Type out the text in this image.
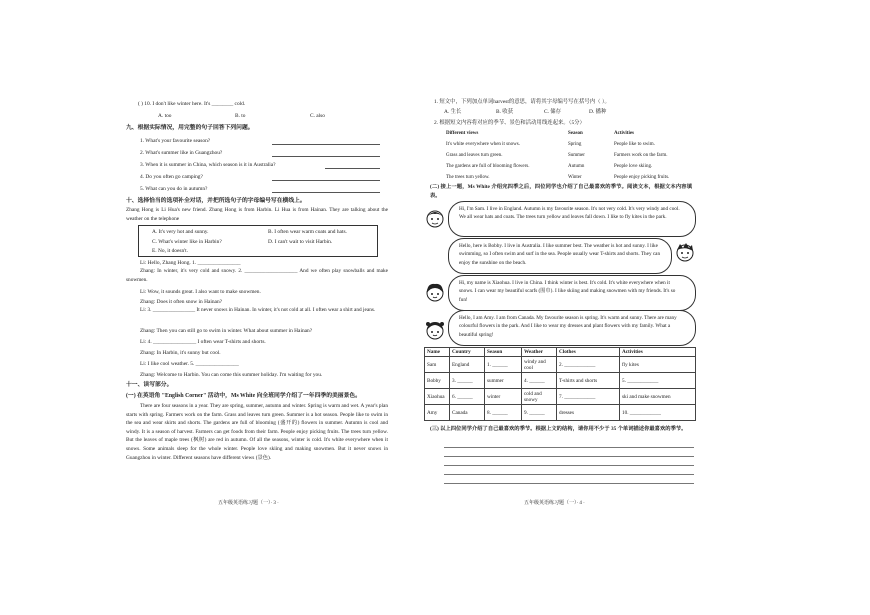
( ) 10. I don't like winter here. It's ________ cold.
A. too	B. to	C. also
九、根据实际情况，用完整的句子回答下列问题。
1. What's your favourite season?
2. What's summer like in Guangzhou?
3. When it is summer in China, which season is it in Australia?
4. Do you often go camping?
5. What can you do in autumn?
十、选择恰当的选项补全对话，并把所选句子的字母编号写在横线上。
Zhang Hong is Li Hua's new friend. Zhang Hong is from Harbin. Li Hua is from Hainan. They are talking about the weather on the telephone
A. It's very hot and sunny.	B. I often wear warm coats and hats.
C. What's winter like in Harbin?	D. I can't wait to visit Harbin.
E. No, it doesn't.
Li: Hello, Zhang Hong. 1. ________________
Zhang: In winter, it's very cold and snowy. 2. ____________________ And we often play snowballs and make snowmen.
Li: Wow, it sounds great. I also want to make snowmen.
Zhang: Does it often snow in Hainan?
Li: 3. ________________ It never snows in Hainan. In winter, it's not cold at all. I often wear a shirt and jeans.
Zhang: Then you can still go to swim in winter. What about summer in Hainan?
Li: 4. ________________ I often wear T-shirts and shorts.
Zhang: In Harbin, it's sunny but cool.
Li: I like cool weather. 5. ________________
Zhang: Welcome to Harbin. You can come this summer holiday. I'm waiting for you.
十一、读写部分。
(一) 在英语角 "English Corner" 活动中，Ms White 向全班同学介绍了一年四季的美丽景色。
There are four seasons in a year. They are spring, summer, autumn and winter. Spring is warm and wet. A year's plan starts with spring. Farmers work on the farm. Grass and leaves turn green. Summer is a hot season. People like to swim in the sea and wear skirts and shorts. The gardens are full of blooming (盛开的) flowers in summer. Autumn is cool and windy. It is a season of harvest. Farmers can get foods from their farm. People enjoy picking fruits. The trees turn yellow. But the leaves of maple trees (枫树) are red in autumn. Of all the seasons, winter is cold. It's white everywhere when it snows. Some animals sleep for the whole winter. People love skiing and making snowmen. But it never snows in Guangzhou in winter. Different seasons have different views (景色).
五年级英语练习题（一）· 3 ·
1. 短文中，下列加点单词harvest的意思，请将其字母编号写在括号内（ ）。
A. 生长	B. 收获	C. 储存	D. 播种
2. 根据短文内容将对应的季节、景色和活动用线连起来。（5分）
Different views	Season	Activities
It's white everywhere when it snows.	Spring	People like to swim.
Grass and leaves turn green.	Summer	Farmers work on the farm.
The gardens are full of blooming flowers.	Autumn	People love skiing.
The trees turn yellow.	Winter	People enjoy picking fruits.
(二) 接上一题，Ms White 介绍完四季之后，四位同学也介绍了自己最喜欢的季节。阅读文本，根据文本内容填表。
Hi, I'm Sam. I live in England. Autumn is my favourite season. It's not very cold. It's very windy and cool. We all wear hats and coats. The trees turn yellow and leaves fall down. I like to fly kites in the park.
Hello, here is Bobby. I live in Australia. I like summer best. The weather is hot and sunny. I like swimming, so I often swim and surf in the sea. People usually wear T-shirts and shorts. They can enjoy the sunshine on the beach.
Hi, my name is Xiaohua. I live in China. I think winter is best. It's cold. It's white everywhere when it snows. I can wear my beautiful scarfs (围巾). I like skiing and making snowmen with my friends. It's so fun!
Hello, I am Amy. I am from Canada. My favourite season is spring. It's warm and sunny. There are many colourful flowers in the park. And I like to wear my dresses and plant flowers with my family. What a beautiful spring!
Name	Country	Season	Weather	Clothes	Activities
Sam	England	1. ______	windy and cool	2. ____________	fly kites
Bobby	3. ______	summer	4. ______	T-shirts and shorts	5. ____________
Xiaohua	6. ______	winter	cold and snowy	7. ____________	ski and make snowmen
Amy	Canada	8. ______	9. ______	dresses	10. ____________
(三) 以上四位同学介绍了自己最喜欢的季节。根据上文的结构，请你用不少于 35 个单词描述你最喜欢的季节。
五年级英语练习题（一）· 4 ·
